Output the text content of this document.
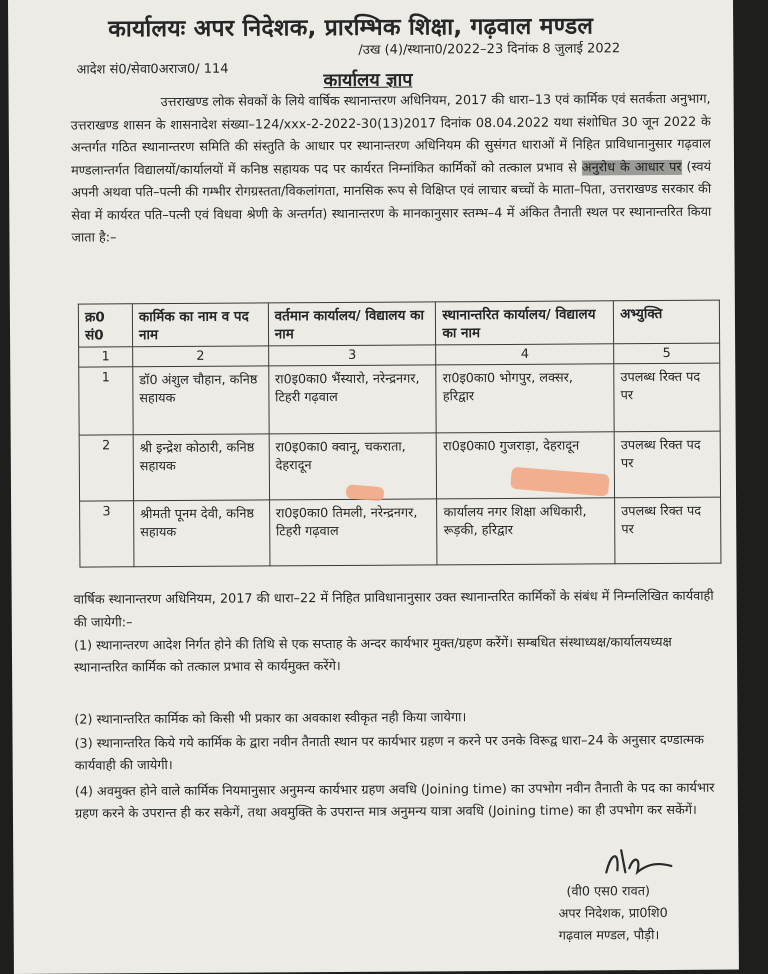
कार्यालयः अपर निदेशक, प्रारम्भिक शिक्षा, गढ़वाल मण्डल
/उख (4)/स्थाना0/2022–23 दिनांक 8 जुलाई 2022
आदेश सं0/सेवा0अराज0/ 114	कार्यालय ज्ञाप

उत्तराखण्ड लोक सेवकों के लिये वार्षिक स्थानान्तरण अधिनियम, 2017 की धारा–13 एवं कार्मिक एवं सतर्कता अनुभाग, उत्तराखण्ड शासन के शासनादेश संख्या–124/xxx-2-2022-30(13)2017 दिनांक 08.04.2022 यथा संशोधित 30 जून 2022 के अन्तर्गत गठित स्थानान्तरण समिति की संस्तुति के आधार पर स्थानान्तरण अधिनियम की सुसंगत धाराओं में निहित प्राविधानानुसार गढ़वाल मण्डलान्तर्गत विद्यालयों/कार्यालयों में कनिष्ठ सहायक पद पर कार्यरत निम्नांकित कार्मिकों को तत्काल प्रभाव से अनुरोध के आधार पर (स्वयं अपनी अथवा पति–पत्नी की गम्भीर रोगग्रस्तता/विकलांगता, मानसिक रूप से विक्षिप्त एवं लाचार बच्चों के माता–पिता, उत्तराखण्ड सरकार की सेवा में कार्यरत पति–पत्नी एवं विधवा श्रेणी के अन्तर्गत) स्थानान्तरण के मानकानुसार स्तम्भ–4 में अंकित तैनाती स्थल पर स्थानान्तरित किया जाता है:–

क्र0 सं0	कार्मिक का नाम व पद नाम	वर्तमान कार्यालय/ विद्यालय का नाम	स्थानान्तरित कार्यालय/ विद्यालय का नाम	अभ्युक्ति
1	2	3	4	5
1	डॉ0 अंशुल चौहान, कनिष्ठ सहायक	रा0इ0का0 भैंस्यारो, नरेन्द्रनगर, टिहरी गढ़वाल	रा0इ0का0 भोगपुर, लक्सर, हरिद्वार	उपलब्ध रिक्त पद पर
2	श्री इन्द्रेश कोठारी, कनिष्ठ सहायक	रा0इ0का0 क्वानू, चकराता, देहरादून	रा0इ0का0 गुजराड़ा, देहरादून	उपलब्ध रिक्त पद पर
3	श्रीमती पूनम देवी, कनिष्ठ सहायक	रा0इ0का0 तिमली, नरेन्द्रनगर, टिहरी गढ़वाल	कार्यालय नगर शिक्षा अधिकारी, रूड़की, हरिद्वार	उपलब्ध रिक्त पद पर

वार्षिक स्थानान्तरण अधिनियम, 2017 की धारा–22 में निहित प्राविधानानुसार उक्त स्थानान्तरित कार्मिकों के संबंध में निम्नलिखित कार्यवाही की जायेगी:–

(1) स्थानान्तरण आदेश निर्गत होने की तिथि से एक सप्ताह के अन्दर कार्यभार मुक्त/ग्रहण करेंगें। सम्बधित संस्थाध्यक्ष/कार्यालयध्यक्ष स्थानान्तरित कार्मिक को तत्काल प्रभाव से कार्यमुक्त करेंगे।

(2) स्थानान्तरित कार्मिक को किसी भी प्रकार का अवकाश स्वीकृत नही किया जायेगा।

(3) स्थानान्तरित किये गये कार्मिक के द्वारा नवीन तैनाती स्थान पर कार्यभार ग्रहण न करने पर उनके विरूद्व धारा–24 के अनुसार दण्डात्मक कार्यवाही की जायेगी।

(4) अवमुक्त होने वाले कार्मिक नियमानुसार अनुमन्य कार्यभार ग्रहण अवधि (Joining time) का उपभोग नवीन तैनाती के पद का कार्यभार ग्रहण करने के उपरान्त ही कर सकेगें, तथा अवमुक्ति के उपरान्त मात्र अनुमन्य यात्रा अवधि (Joining time) का ही उपभोग कर सकेंगें।

(वी0 एस0 रावत)
अपर निदेशक, प्रा0शि0
गढ़वाल मण्डल, पौड़ी।
